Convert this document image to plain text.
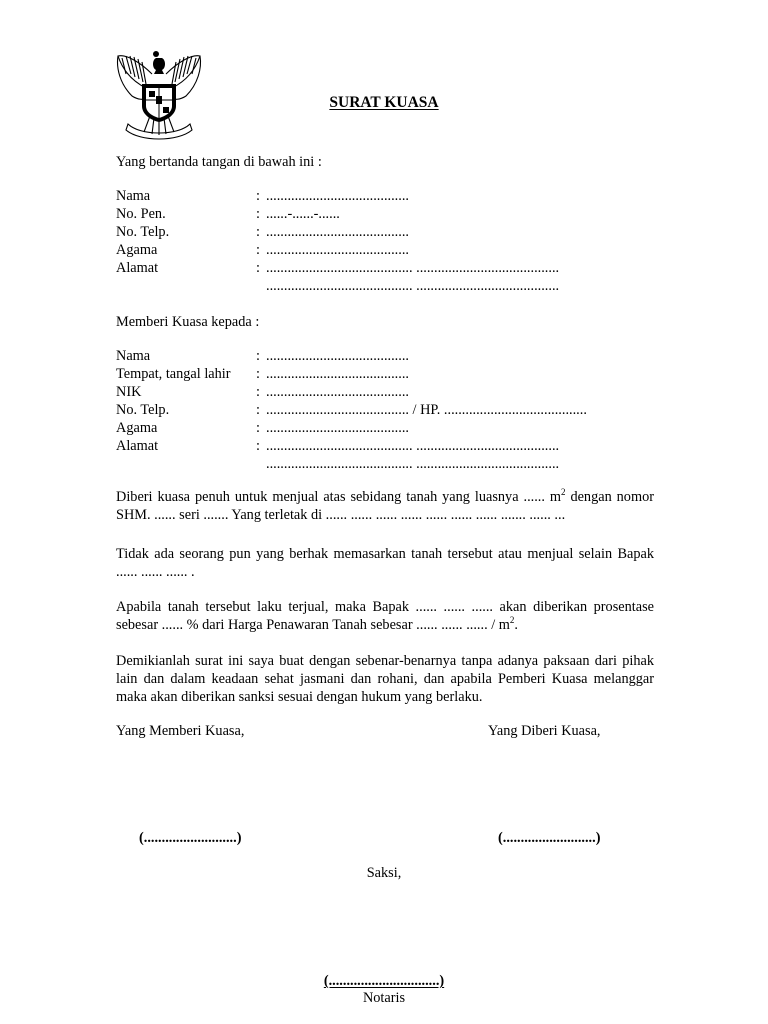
SURAT KUASA
Yang bertanda tangan di bawah ini :
Nama	: ........................................
No. Pen.	: ......-......-......
No. Telp.	: ........................................
Agama	: ........................................
Alamat	: ......................................... ........................................
......................................... ........................................
Memberi Kuasa kepada :
Nama	: ........................................
Tempat, tangal lahir : ........................................
NIK	: ........................................
No. Telp.	: ........................................ / HP. ........................................
Agama	: ........................................
Alamat	: ......................................... ........................................
......................................... ........................................

Diberi kuasa penuh untuk menjual atas sebidang tanah yang luasnya ...... $m^2$ dengan nomor SHM. ...... seri ....... Yang terletak di ...... ...... ...... ...... ...... ...... ...... ....... ...... ...

Tidak ada seorang pun yang berhak memasarkan tanah tersebut atau menjual selain Bapak ...... ...... ...... .

Apabila tanah tersebut laku terjual, maka Bapak ...... ...... ...... akan diberikan prosentase sebesar ...... % dari Harga Penawaran Tanah sebesar ...... ...... ...... / $m^2$.

Demikianlah surat ini saya buat dengan sebenar-benarnya tanpa adanya paksaan dari pihak lain dan dalam keadaan sehat jasmani dan rohani, dan apabila Pemberi Kuasa melanggar maka akan diberikan sanksi sesuai dengan hukum yang berlaku.

Yang Memberi Kuasa,	Yang Diberi Kuasa,
(..........................)	(..........................)
Saksi,
(...............................)
Notaris
